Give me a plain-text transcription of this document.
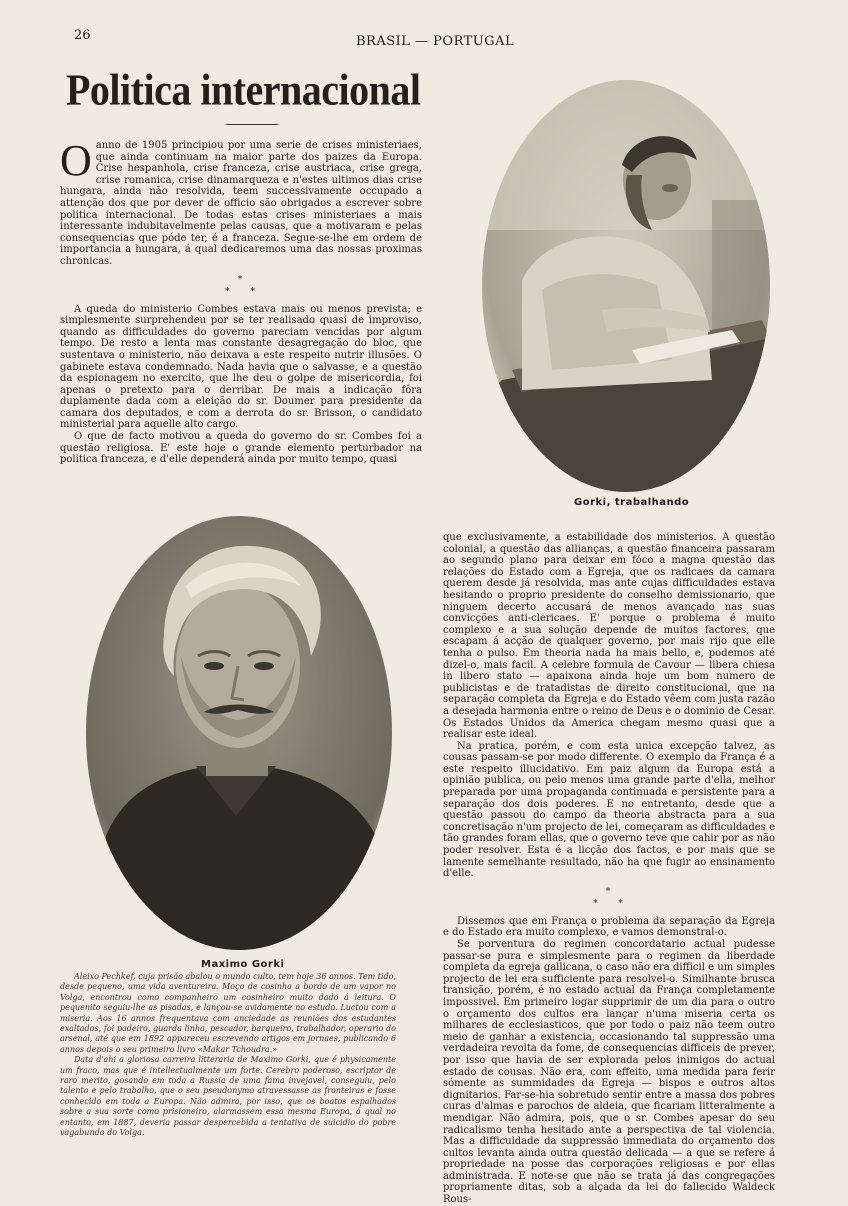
26	BRASIL — PORTUGAL
Politica internacional

Oanno de 1905 principiou por uma serie de crises ministeriaes, que ainda continuam na maior parte dos paizes da Europa. Crise hespanhola, crise franceza, crise austriaca, crise grega, crise romanica, crise dinamarqueza e n'estes ultimos dias crise hungara, ainda não resolvida, teem successivamente occupado a attenção dos que por dever de officio são obrigados a escrever sobre politica internacional. De todas estas crises ministeriaes a mais interessante indubitavelmente pelas causas, que a motivaram e pelas consequencias que póde ter, é a franceza. Segue-se-lhe em ordem de importancia a hungara, á qual dedicaremos uma das nossas proximas chronicas.

*
* *

A queda do ministerio Combes estava mais ou menos prevista; e simplesmente surprehendeu por se ter realisado quasi de improviso, quando as difficuldades do governo pareciam vencidas por algum tempo. De resto a lenta mas constante desagregação do bloc, que sustentava o ministerio, não deixava a este respeito nutrir illusões. O gabinete estava condemnado. Nada havia que o salvasse, e a questão da espionagem no exercito, que lhe deu o golpe de misericordia, foi apenas o pretexto para o derribar. De mais a indicação fôra duplamente dada com a eleição do sr. Doumer para presidente da camara dos deputados, e com a derrota do sr. Brisson, o candidato ministerial para aquelle alto cargo.

O que de facto motivou a queda do governo do sr. Combes foi a questão religiosa. E' este hoje o grande elemento perturbador na politica franceza, e d'elle dependerá ainda por muito tempo, quasi

Gorki, trabalhando
Maximo Gorki

Aleixo Pechkef, cuja prisão abalou o mundo culto, tem hoje 36 annos. Tem tido, desde pequeno, uma vida aventureira. Moço de cosinha a bordo de um vapor no Volga, encontrou como companheiro um cosinheiro muito dado á leitura. O pequenito seguiu-lhe as pisadas, e lançou-se avidamente no estudo. Luctou com a miseria. Aos 16 annos frequentava com anciedade as reuniões dos estudantes exaltados, foi padeiro, guarda linha, pescador, barqueiro, trabalhador, operario do arsenal, até que em 1892 appareceu escrevendo artigos em jornaes, publicando 6 annos depois o seu primeiro livro «Makar Tchoudra.»

Data d'ahi a gloriosa carreira litteraria de Maximo Gorki, que é physicamente um fraco, mas que é intellectualmente um forte. Cerebro poderoso, escriptor de raro merito, gosando em toda a Russia de uma fama invejavel, conseguiu, pelo talento e pelo trabalho, que o seu pseudonymo atravessasse as fronteiras e fosse conhecido em toda a Europa. Não admira, por isso, que os boatos espalhados sobre a sua sorte como prisioneiro, alarmassem essa mesma Europa, á qual no entanto, em 1887, deveria passar despercebida a tentativa de suicidio do pobre vagabundo do Volga.

que exclusivamente, a estabilidade dos ministerios. A questão colonial, a questão das allianças, a questão financeira passaram ao segundo plano para deixar em fóco a magna questão das relações do Estado com a Egreja, que os radicaes da camara querem desde já resolvida, mas ante cujas difficuldades estava hesitando o proprio presidente do conselho demissionario, que ninguem decerto accusará de menos avançado nas suas convicções anti-clericaes. E' porque o problema é muito complexo e a sua solução depende de muitos factores, que escapam á acção de qualquer governo, por mais rijo que elle tenha o pulso. Em theoria nada ha mais bello, e, podemos até dizel-o, mais facil. A celebre formula de Cavour — libera chiesa in libero stato — apaixona ainda hoje um bom numero de publicistas e de tratadistas de direito constitucional, que na separação completa da Egreja e do Estado vêem com justa razão a desejada harmonia entre o reino de Deus e o dominio de Cesar. Os Estados Unidos da America chegam mesmo quasi que a realisar este ideal.

Na pratica, porém, e com esta unica excepção talvez, as cousas passam-se por modo differente. O exemplo da França é a este respeito illucidativo. Em paiz algum da Europa está a opinião publica, ou pelo menos uma grande parte d'ella, melhor preparada por uma propaganda continuada e persistente para a separação dos dois poderes. E no entretanto, desde que a questão passou do campo da theoria abstracta para a sua concretisação n'um projecto de lei, começaram as difficuldades e tão grandes foram ellas, que o governo teve que cahir por as não poder resolver. Esta é a licção dos factos, e por mais que se lamente semelhante resultado, não ha que fugir ao ensinamento d'elle.

*
* *

Dissemos que em França o problema da separação da Egreja e do Estado era muito complexo, e vamos demonstral-o.

Se porventura do regimen concordatario actual pudesse passar-se pura e simplesmente para o regimen da liberdade completa da egreja gallicana, o caso não era difficil e um simples projecto de lei era sufficiente para resolvel-o. Similhante brusca transição, porém, é no estado actual da França completamente impossivel. Em primeiro logar supprimir de um dia para o outro o orçamento dos cultos era lançar n'uma miseria certa os milhares de ecclesiasticos, que por todo o paiz não teem outro meio de ganhar a existencia, occasionando tal suppressão uma verdadeira revolta da fome, de consequencias difficeis de prever, por isso que havia de ser explorada pelos inimigos do actual estado de cousas. Não era, com effeito, uma medida para ferir sómente as summidades da Egreja — bispos e outros altos dignitarios. Far-se-hia sobretudo sentir entre a massa dos pobres curas d'almas e parochos de aldeia, que ficariam litteralmente a mendigar. Não admira, pois, que o sr. Combes apesar do seu radicalismo tenha hesitado ante a perspectiva de tal violencia. Mas a difficuldade da suppressão immediata do orçamento dos cultos levanta ainda outra questão delicada — a que se refere á propriedade na posse das corporações religiosas e por ellas administrada. E note-se que não se trata já das congregações propriamente ditas, sob a alçada da lei do fallecido Waldeck Rous-
